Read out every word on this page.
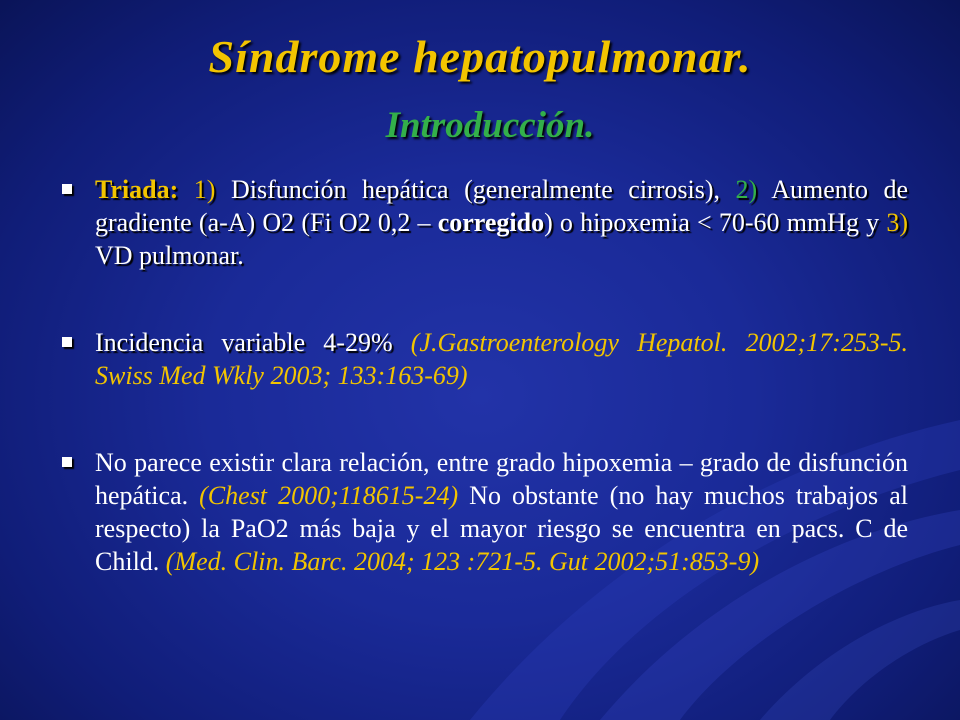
Síndrome hepatopulmonar.
Introducción.
Triada: 1) Disfunción hepática (generalmente cirrosis), 2) Aumento de gradiente (a-A) O2 (Fi O2 0,2 – corregido) o hipoxemia < 70-60 mmHg y 3) VD pulmonar.
Incidencia variable 4-29% (J.Gastroenterology Hepatol. 2002;17:253-5. Swiss Med Wkly 2003; 133:163-69)
No parece existir clara relación, entre grado hipoxemia – grado de disfunción hepática. (Chest 2000;118615-24) No obstante (no hay muchos trabajos al respecto) la PaO2 más baja y el mayor riesgo se encuentra en pacs. C de Child. (Med. Clin. Barc. 2004; 123 :721-5. Gut 2002;51:853-9)
